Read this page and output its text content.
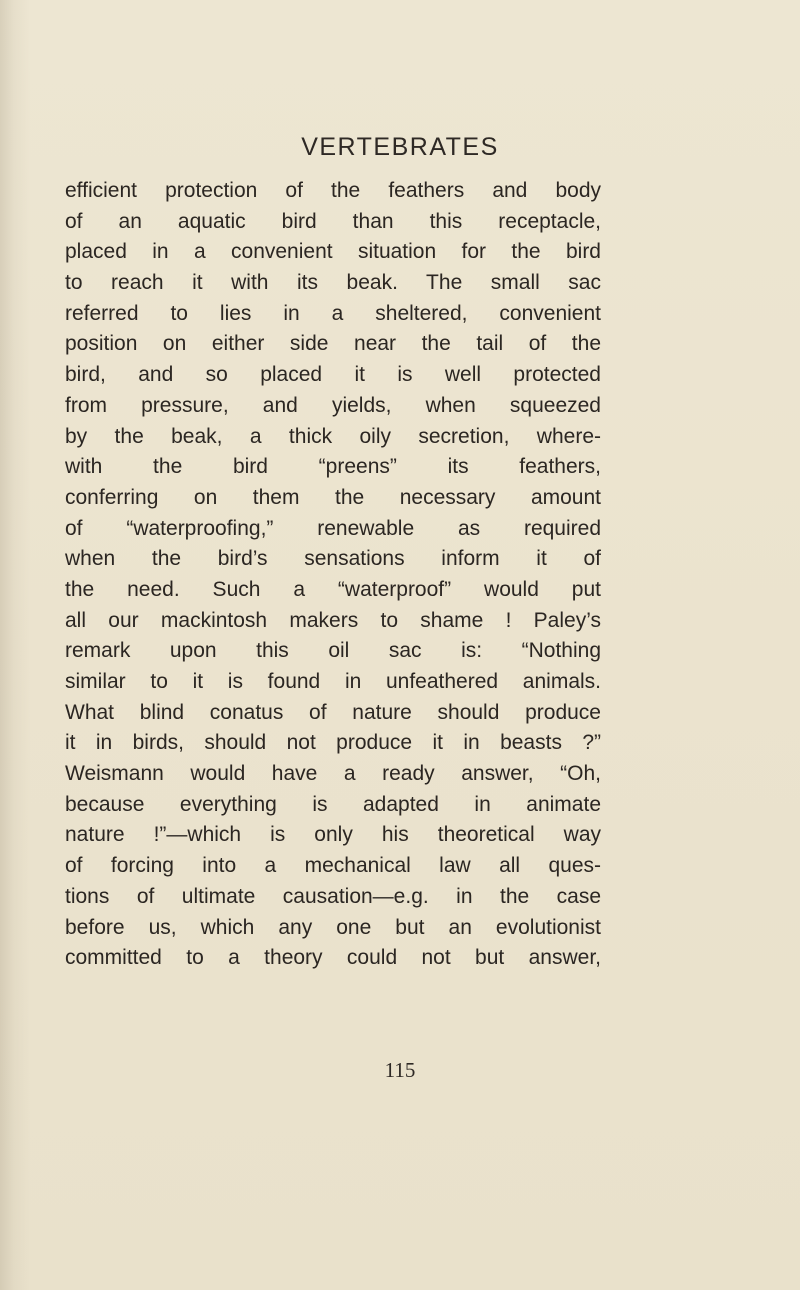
VERTEBRATES
efficient protection of the feathers and body
of an aquatic bird than this receptacle,
placed in a convenient situation for the bird
to reach it with its beak. The small sac
referred to lies in a sheltered, convenient
position on either side near the tail of the
bird, and so placed it is well protected
from pressure, and yields, when squeezed
by the beak, a thick oily secretion, where-
with the bird “preens” its feathers,
conferring on them the necessary amount
of “waterproofing,” renewable as required
when the bird’s sensations inform it of
the need. Such a “waterproof” would put
all our mackintosh makers to shame ! Paley’s
remark upon this oil sac is: “Nothing
similar to it is found in unfeathered animals.
What blind conatus of nature should produce
it in birds, should not produce it in beasts ?”
Weismann would have a ready answer, “Oh,
because everything is adapted in animate
nature !”—which is only his theoretical way
of forcing into a mechanical law all ques-
tions of ultimate causation—e.g. in the case
before us, which any one but an evolutionist
committed to a theory could not but answer,
115
